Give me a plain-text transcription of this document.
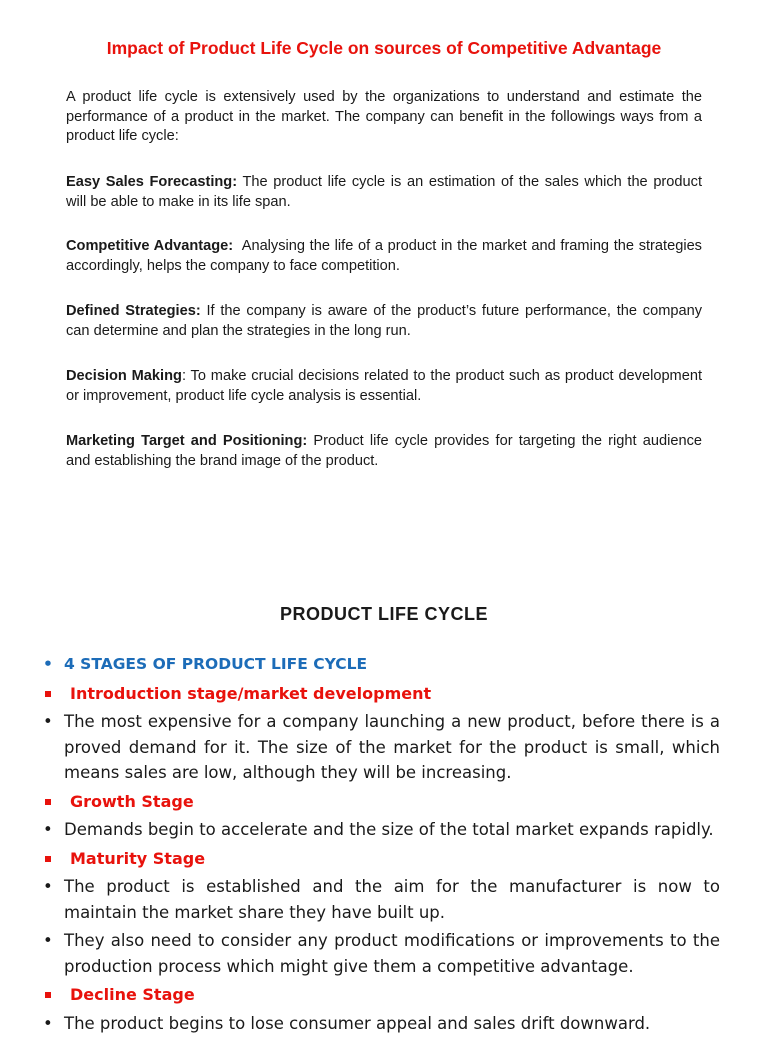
Impact of Product Life Cycle on sources of Competitive Advantage

A product life cycle is extensively used by the organizations to understand and estimate the performance of a product in the market. The company can benefit in the followings ways from a product life cycle:

Easy Sales Forecasting: The product life cycle is an estimation of the sales which the product will be able to make in its life span.

Competitive Advantage:  Analysing the life of a product in the market and framing the strategies accordingly, helps the company to face competition.

Defined Strategies: If the company is aware of the product’s future performance, the company can determine and plan the strategies in the long run.

Decision Making: To make crucial decisions related to the product such as product development or improvement, product life cycle analysis is essential.

Marketing Target and Positioning: Product life cycle provides for targeting the right audience and establishing the brand image of the product.

PRODUCT LIFE CYCLE
• 4 STAGES OF PRODUCT LIFE CYCLE
Introduction stage/market development
• The most expensive for a company launching a new product, before there is a proved demand for it. The size of the market for the product is small, which means sales are low, although they will be increasing.
Growth Stage
• Demands begin to accelerate and the size of the total market expands rapidly.
Maturity Stage
• The product is established and the aim for the manufacturer is now to maintain the market share they have built up.
• They also need to consider any product modifications or improvements to the production process which might give them a competitive advantage.
Decline Stage
• The product begins to lose consumer appeal and sales drift downward.
